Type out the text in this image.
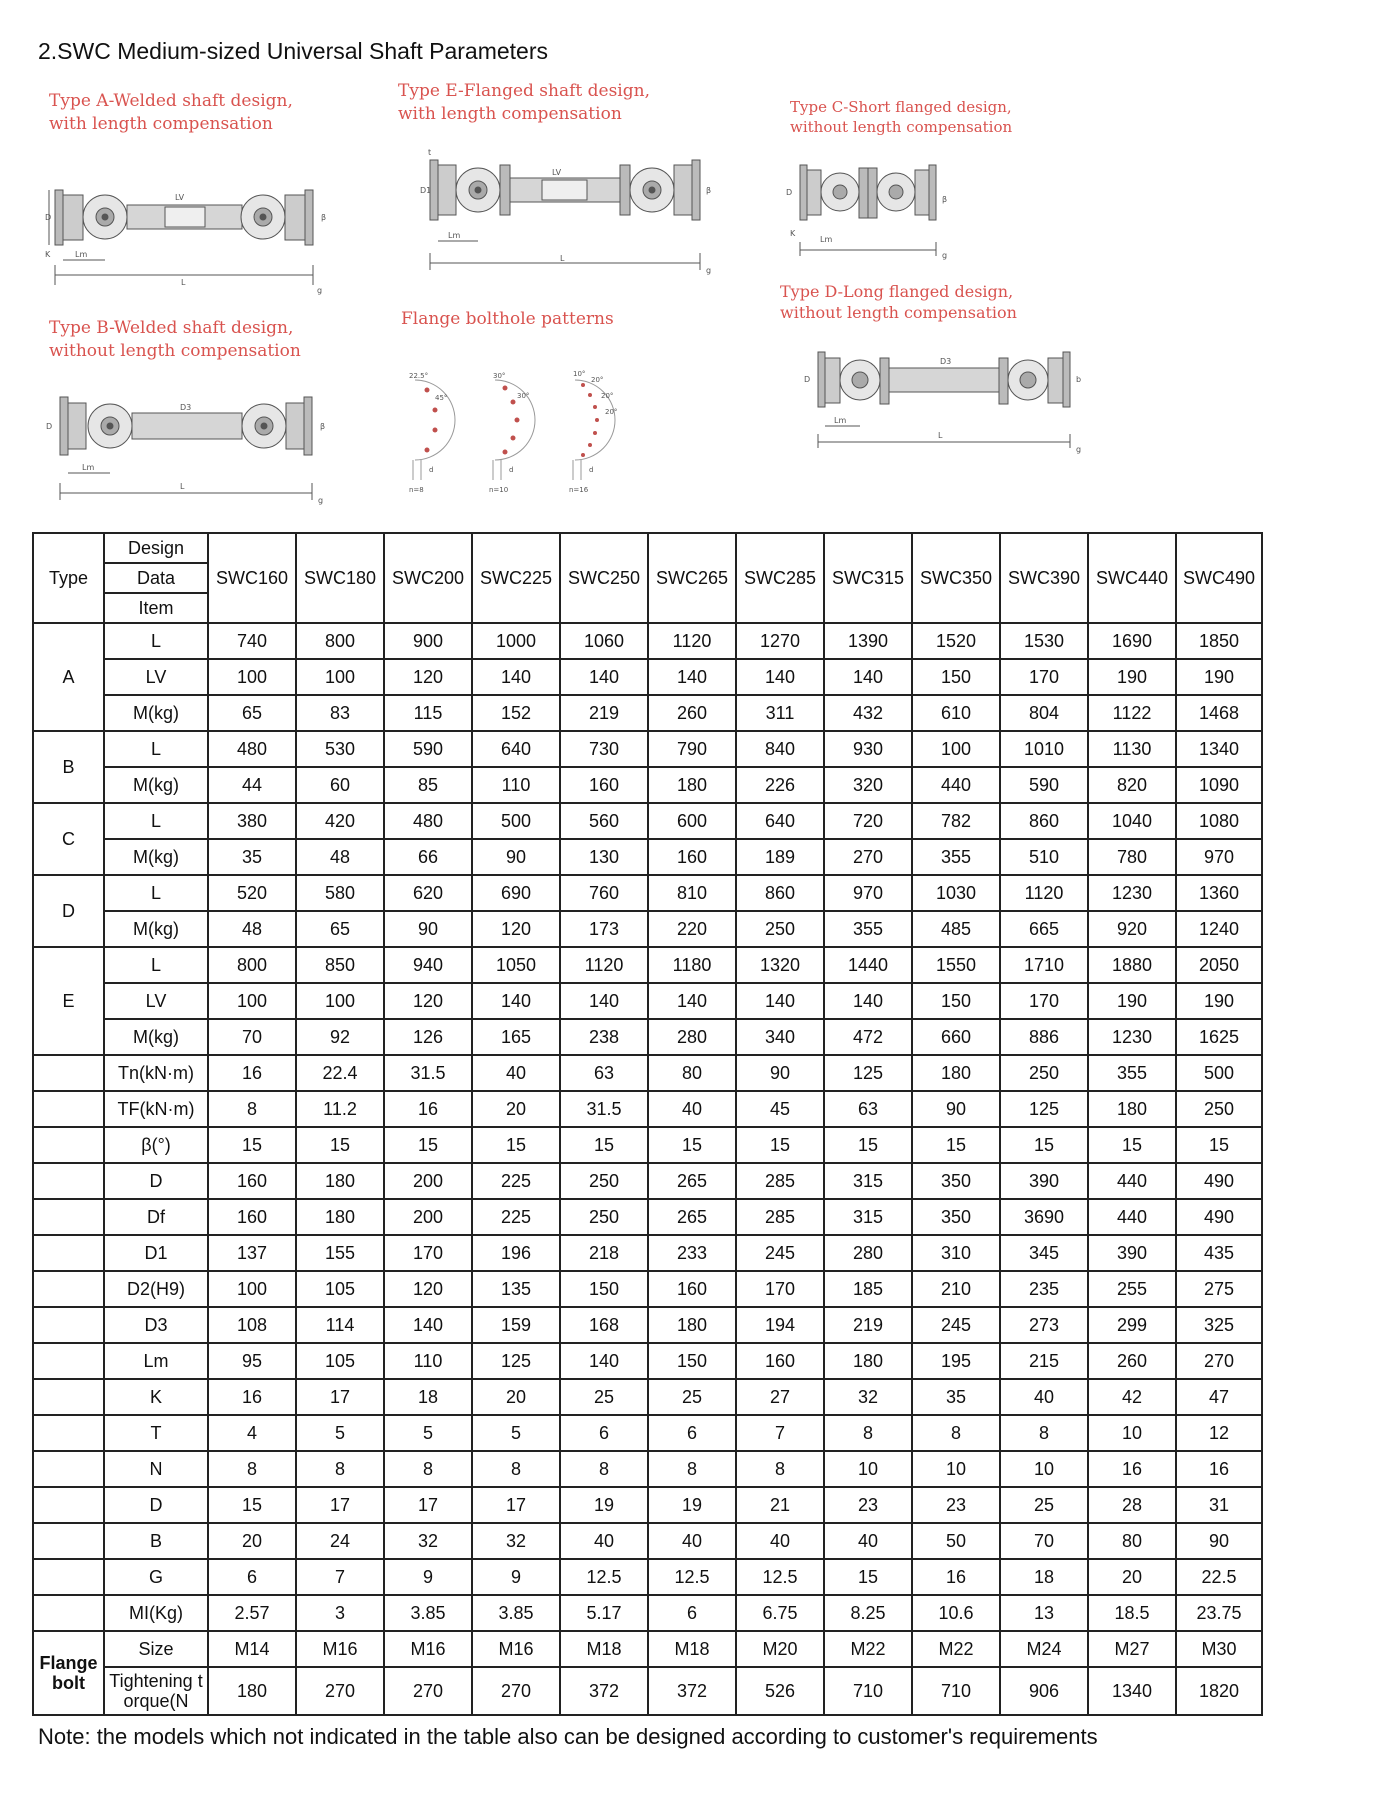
2.SWC Medium-sized Universal Shaft Parameters
Type A-Welded shaft design,
with length compensation
Type E-Flanged shaft design,
with length compensation	Type C-Short flanged design,
without length compensation
Type D-Long flanged design,
without length compensation
Type B-Welded shaft design,
without length compensation
Flange bolthole patterns
L
Lm
LV
g
K
D	β
L
Lm
LV
g
D1	β
t
Lm
g
D
β
K
L
Lm
g
D
D3
β
22.5°
45°
30°
30°
10°
20°
20°
20°
d	d	d
n=8	n=10	n=16
L
Lm
g
D
D3
b
Type	Design	SWC160	SWC180	SWC200	SWC225	SWC250	SWC265	SWC285	SWC315	SWC350	SWC390	SWC440	SWC490
	Data												
	Item												
A	L	740	800	900	1000	1060	1120	1270	1390	1520	1530	1690	1850
	LV	100	100	120	140	140	140	140	140	150	170	190	190
	M(kg)	65	83	115	152	219	260	311	432	610	804	1122	1468
B	L	480	530	590	640	730	790	840	930	100	1010	1130	1340
	M(kg)	44	60	85	110	160	180	226	320	440	590	820	1090
C	L	380	420	480	500	560	600	640	720	782	860	1040	1080
	M(kg)	35	48	66	90	130	160	189	270	355	510	780	970
D	L	520	580	620	690	760	810	860	970	1030	1120	1230	1360
	M(kg)	48	65	90	120	173	220	250	355	485	665	920	1240
E	L	800	850	940	1050	1120	1180	1320	1440	1550	1710	1880	2050
	LV	100	100	120	140	140	140	140	140	150	170	190	190
	M(kg)	70	92	126	165	238	280	340	472	660	886	1230	1625
	Tn(kN·m)	16	22.4	31.5	40	63	80	90	125	180	250	355	500
	TF(kN·m)	8	11.2	16	20	31.5	40	45	63	90	125	180	250
	β(°)	15	15	15	15	15	15	15	15	15	15	15	15
	D	160	180	200	225	250	265	285	315	350	390	440	490
	Df	160	180	200	225	250	265	285	315	350	3690	440	490
	D1	137	155	170	196	218	233	245	280	310	345	390	435
	D2(H9)	100	105	120	135	150	160	170	185	210	235	255	275
	D3	108	114	140	159	168	180	194	219	245	273	299	325
	Lm	95	105	110	125	140	150	160	180	195	215	260	270
	K	16	17	18	20	25	25	27	32	35	40	42	47
	T	4	5	5	5	6	6	7	8	8	8	10	12
	N	8	8	8	8	8	8	8	10	10	10	16	16
	D	15	17	17	17	19	19	21	23	23	25	28	31
	B	20	24	32	32	40	40	40	40	50	70	80	90
	G	6	7	9	9	12.5	12.5	12.5	15	16	18	20	22.5
	MI(Kg)	2.57	3	3.85	3.85	5.17	6	6.75	8.25	10.6	13	18.5	23.75
Flange bolt	Size	M14	M16	M16	M16	M18	M18	M20	M22	M22	M24	M27	M30
	Tightening torque(N	180	270	270	270	372	372	526	710	710	906	1340	1820
Note: the models which not indicated in the table also can be designed according to customer's requirements
